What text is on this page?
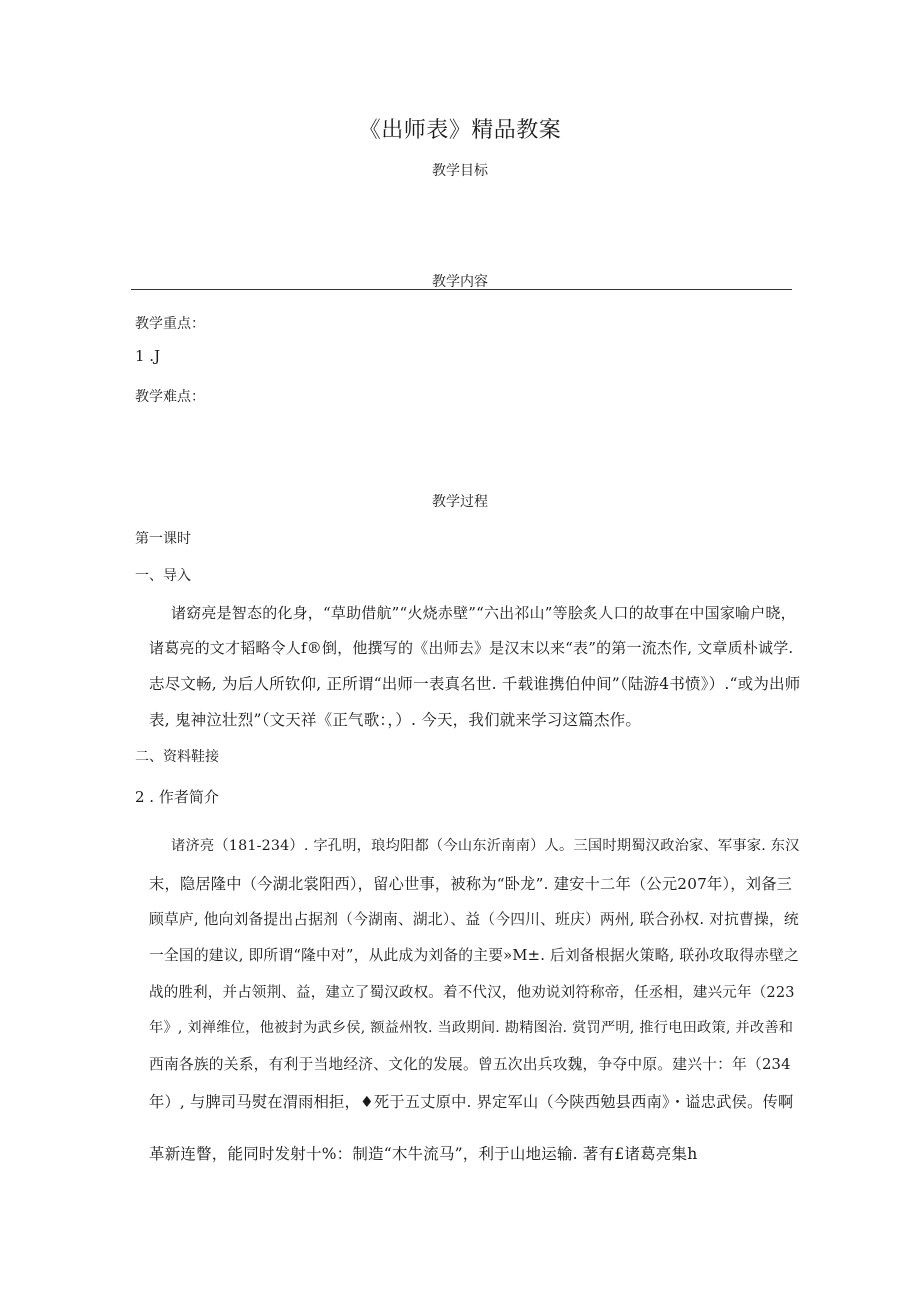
《出师表》精品教案
教学目标
教学内容
教学重点：
1 .J
教学难点：
教学过程
第一课时
一、导入
诸窈亮是智态的化身，“草助借航”“火烧赤壁”“六出祁山”等脍炙人口的故事在中国家喻户晓，
诸葛亮的文才韬略令人f®倒，他撰写的《出师去》是汉末以来“表”的第一流杰作, 文章质朴诚学.
志尽文畅, 为后人所钦仰, 正所谓“出师一表真名世. 千载谁携伯仲间”（陆游4书愤》）.“或为出师
表, 鬼神泣壮烈”（文天祥《正气歌：，）. 今天，我们就来学习这篇杰作。
二、资料鞋接
2 . 作者简介
诸济亮（181-234）. 字孔明，琅均阳都（今山东沂南南）人。三国时期蜀汉政治家、军事家. 东汉
末，隐居隆中（今湖北裳阳西），留心世事，被称为“卧龙”. 建安十二年（公元207年），刘备三
顾草庐, 他向刘备提出占据剂（今湖南、湖北）、益（今四川、班庆）两州, 联合孙权. 对抗曹操，统
一全国的建议, 即所谓“隆中对”，从此成为刘备的主要»M±. 后刘备根据火策略, 联孙攻取得赤壁之
战的胜利，并占领荆、益，建立了蜀汉政权。着不代汉，他劝说刘符称帝，任丞相，建兴元年（223
年》, 刘禅维位，他被封为武乡侯, 额益州牧. 当政期间. 勘精图治. 赏罚严明, 推行电田政策, 并改善和
西南各族的关系，有利于当地经济、文化的发展。曾五次出兵攻魏，争夺中原。建兴十：年（234
年）, 与脾司马熨在渭雨相拒，♦死于五丈原中. 界定军山（今陕西勉县西南》・谥忠武侯。传啊
革新连瞥，能同时发射十%：制造“木牛流马”，利于山地运输. 著有£诸葛亮集h
